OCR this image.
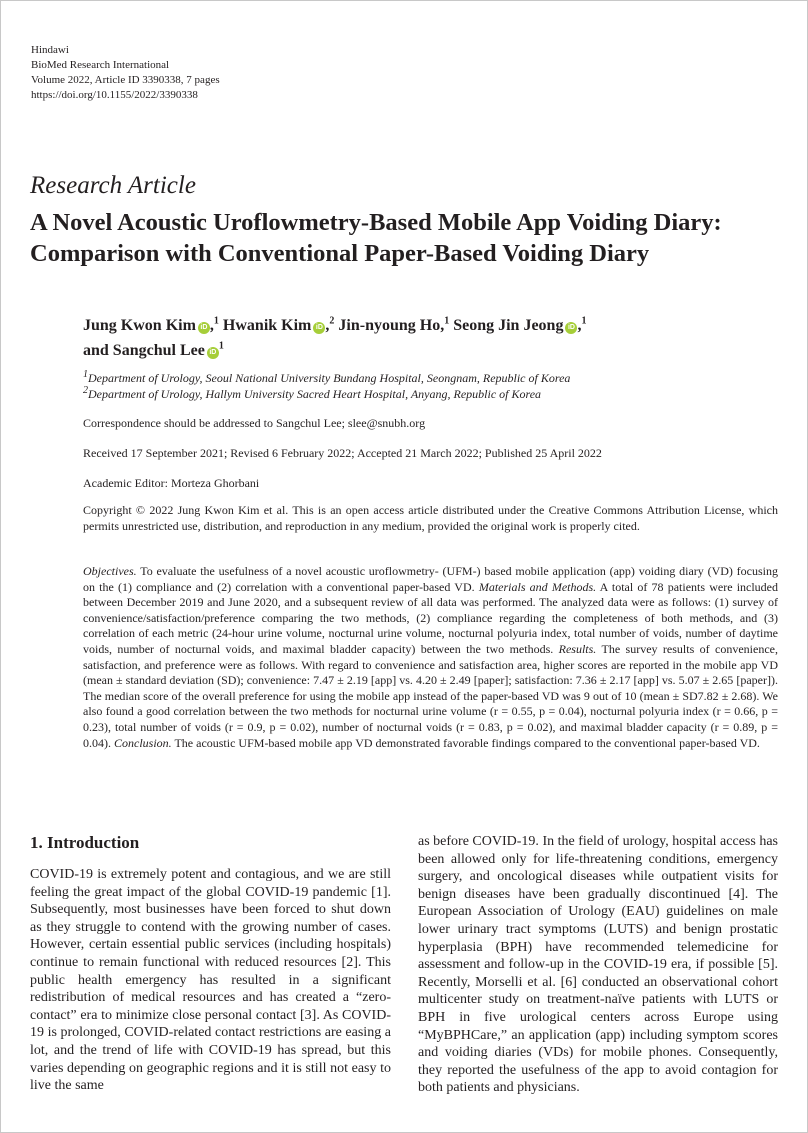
Hindawi
BioMed Research International
Volume 2022, Article ID 3390338, 7 pages
https://doi.org/10.1155/2022/3390338
Research Article
A Novel Acoustic Uroflowmetry-Based Mobile App Voiding Diary: Comparison with Conventional Paper-Based Voiding Diary
Jung Kwon Kim iD ,$^1$ Hwanik Kim iD ,$^2$ Jin-nyoung Ho,$^1$ Seong Jin Jeong iD ,$^1$
and Sangchul Lee $iD^1$
$^1$Department of Urology, Seoul National University Bundang Hospital, Seongnam, Republic of Korea
$^2$Department of Urology, Hallym University Sacred Heart Hospital, Anyang, Republic of Korea
Correspondence should be addressed to Sangchul Lee; slee@snubh.org
Received 17 September 2021; Revised 6 February 2022; Accepted 21 March 2022; Published 25 April 2022
Academic Editor: Morteza Ghorbani
Copyright © 2022 Jung Kwon Kim et al. This is an open access article distributed under the Creative Commons Attribution License, which permits unrestricted use, distribution, and reproduction in any medium, provided the original work is properly cited.
Objectives. To evaluate the usefulness of a novel acoustic uroflowmetry- (UFM-) based mobile application (app) voiding diary (VD) focusing on the (1) compliance and (2) correlation with a conventional paper-based VD. Materials and Methods. A total of 78 patients were included between December 2019 and June 2020, and a subsequent review of all data was performed. The analyzed data were as follows: (1) survey of convenience/satisfaction/preference comparing the two methods, (2) compliance regarding the completeness of both methods, and (3) correlation of each metric (24-hour urine volume, nocturnal urine volume, nocturnal polyuria index, total number of voids, number of daytime voids, number of nocturnal voids, and maximal bladder capacity) between the two methods. Results. The survey results of convenience, satisfaction, and preference were as follows. With regard to convenience and satisfaction area, higher scores are reported in the mobile app VD (mean ± standard deviation (SD); convenience: 7.47 ± 2.19 [app] vs. 4.20 ± 2.49 [paper]; satisfaction: 7.36 ± 2.17 [app] vs. 5.07 ± 2.65 [paper]). The median score of the overall preference for using the mobile app instead of the paper-based VD was 9 out of 10 (mean ± SD7.82 ± 2.68). We also found a good correlation between the two methods for nocturnal urine volume (r = 0.55, p = 0.04), nocturnal polyuria index (r = 0.66, p = 0.23), total number of voids (r = 0.9, p = 0.02), number of nocturnal voids (r = 0.83, p = 0.02), and maximal bladder capacity (r = 0.89, p = 0.04). Conclusion. The acoustic UFM-based mobile app VD demonstrated favorable findings compared to the conventional paper-based VD.
1. Introduction
COVID-19 is extremely potent and contagious, and we are still feeling the great impact of the global COVID-19 pandemic [1]. Subsequently, most businesses have been forced to shut down as they struggle to contend with the growing number of cases. However, certain essential public services (including hospitals) continue to remain functional with reduced resources [2]. This public health emergency has resulted in a significant redistribution of medical resources and has created a “zero-contact” era to minimize close personal contact [3]. As COVID-19 is prolonged, COVID-related contact restrictions are easing a lot, and the trend of life with COVID-19 has spread, but this varies depending on geographic regions and it is still not easy to live the same
as before COVID-19. In the field of urology, hospital access has been allowed only for life-threatening conditions, emergency surgery, and oncological diseases while outpatient visits for benign diseases have been gradually discontinued [4]. The European Association of Urology (EAU) guidelines on male lower urinary tract symptoms (LUTS) and benign prostatic hyperplasia (BPH) have recommended telemedicine for assessment and follow-up in the COVID-19 era, if possible [5]. Recently, Morselli et al. [6] conducted an observational cohort multicenter study on treatment-naïve patients with LUTS or BPH in five urological centers across Europe using “MyBPHCare,” an application (app) including symptom scores and voiding diaries (VDs) for mobile phones. Consequently, they reported the usefulness of the app to avoid contagion for both patients and physicians.
